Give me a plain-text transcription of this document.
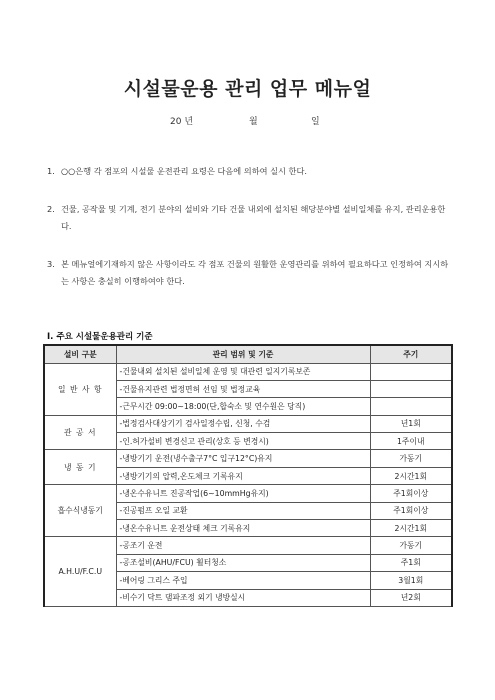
시설물운용 관리 업무 메뉴얼
20 년	월	일
1. ○○은행 각 점포의 시설물 운전관리 요령은 다음에 의하여 실시 한다.
2. 건물, 공작물 및 기계, 전기 분야의 설비와 기타 건물 내외에 설치된 해당분야별 설비일체를 유지, 관리운용한다.
3. 본 메뉴얼에기재하지 않은 사항이라도 각 점포 건물의 원활한 운영관리를 위하여 필요하다고 인정하여 지시하는 사항은 충실히 이행하여야 한다.
Ⅰ. 주요 시설물운용관리 기준
설비 구분	관리 범위 및 기준	주기
일 반 사 항	-건물내외 설치된 설비일체 운영 및 대관련 일지기록보존	
	-건물유지관련 법정면허 선임 및 법정교육	
	-근무시간 09:00~18:00(단,합숙소 및 연수원은 당직)	
관 공 서	-법정검사대상기기 검사일정수립, 신청, 수검	년1회
	-인.허가설비 변경신고 관리(상호 등 변경시)	1주이내
냉 동 기	-냉방기기 운전(냉수출구7°C 입구12°C)유지	가동기
	-냉방기기의 압력,온도체크 기록유지	2시간1회
흡수식냉동기	-냉온수유니트 진공작업(6~10mmHg유지)	주1회이상
	-진공펌프 오일 교환	주1회이상
	-냉온수유니트 운전상태 체크 기록유지	2시간1회
A.H.U/F.C.U	-공조기 운전	가동기
	-공조설비(AHU/FCU) 휠터청소	주1회
	-베어링 그리스 주입	3월1회
	-비수기 닥트 댐파조정 외기 냉방실시	년2회
